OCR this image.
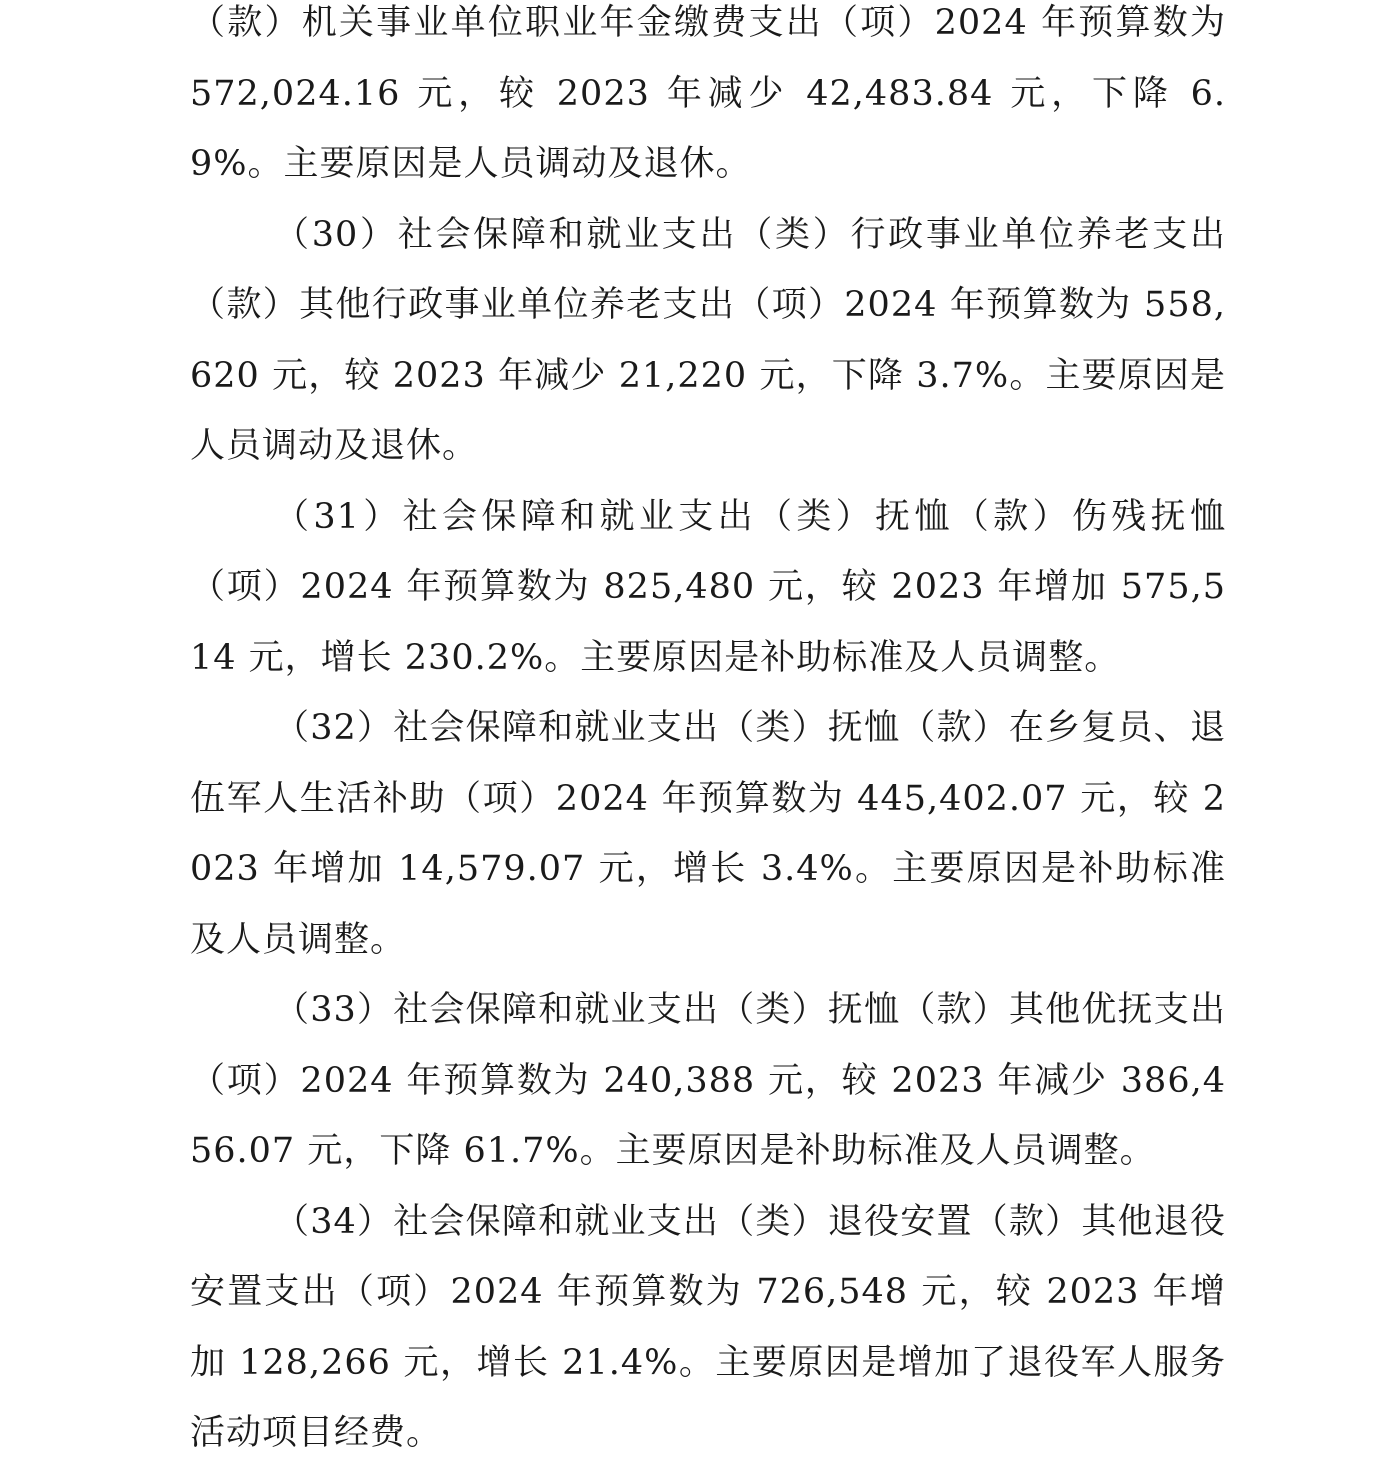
（款）机关事业单位职业年金缴费支出（项）2024 年预算数为 572,024.16 元，较 2023 年减少 42,483.84 元，下降 6.9%。主要原因是人员调动及退休。

（30）社会保障和就业支出（类）行政事业单位养老支出（款）其他行政事业单位养老支出（项）2024 年预算数为 558,620 元，较 2023 年减少 21,220 元，下降 3.7%。主要原因是人员调动及退休。

（31）社会保障和就业支出（类）抚恤（款）伤残抚恤（项）2024 年预算数为 825,480 元，较 2023 年增加 575,514 元，增长 230.2%。主要原因是补助标准及人员调整。

（32）社会保障和就业支出（类）抚恤（款）在乡复员、退伍军人生活补助（项）2024 年预算数为 445,402.07 元，较 2023 年增加 14,579.07 元，增长 3.4%。主要原因是补助标准及人员调整。

（33）社会保障和就业支出（类）抚恤（款）其他优抚支出（项）2024 年预算数为 240,388 元，较 2023 年减少 386,456.07 元，下降 61.7%。主要原因是补助标准及人员调整。

（34）社会保障和就业支出（类）退役安置（款）其他退役安置支出（项）2024 年预算数为 726,548 元，较 2023 年增加 128,266 元，增长 21.4%。主要原因是增加了退役军人服务活动项目经费。
